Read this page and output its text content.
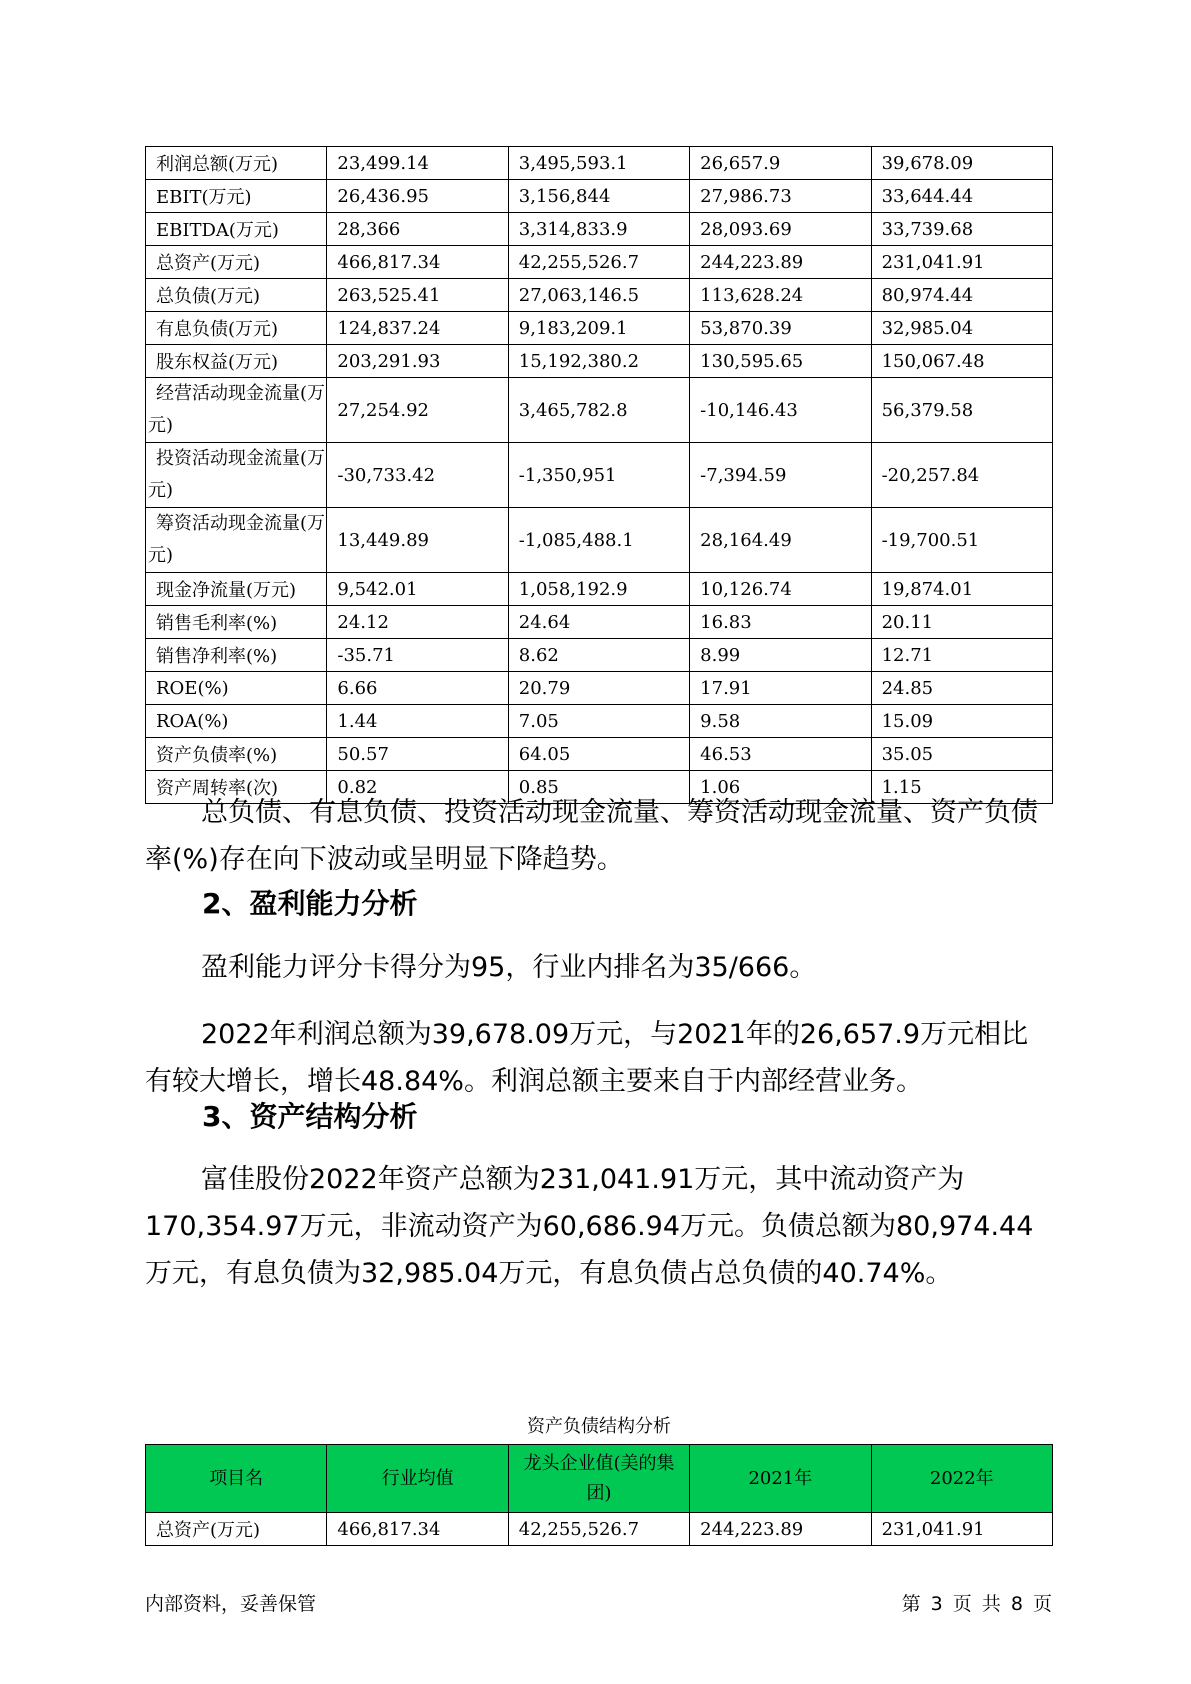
利润总额(万元)	23,499.14	3,495,593.1	26,657.9	39,678.09
EBIT(万元)	26,436.95	3,156,844	27,986.73	33,644.44
EBITDA(万元)	28,366	3,314,833.9	28,093.69	33,739.68
总资产(万元)	466,817.34	42,255,526.7	244,223.89	231,041.91
总负债(万元)	263,525.41	27,063,146.5	113,628.24	80,974.44
有息负债(万元)	124,837.24	9,183,209.1	53,870.39	32,985.04
股东权益(万元)	203,291.93	15,192,380.2	130,595.65	150,067.48
经营活动现金流量(万元)	27,254.92	3,465,782.8	-10,146.43	56,379.58
投资活动现金流量(万元)	-30,733.42	-1,350,951	-7,394.59	-20,257.84
筹资活动现金流量(万元)	13,449.89	-1,085,488.1	28,164.49	-19,700.51
现金净流量(万元)	9,542.01	1,058,192.9	10,126.74	19,874.01
销售毛利率(%)	24.12	24.64	16.83	20.11
销售净利率(%)	-35.71	8.62	8.99	12.71
ROE(%)	6.66	20.79	17.91	24.85
ROA(%)	1.44	7.05	9.58	15.09
资产负债率(%)	50.57	64.05	46.53	35.05
资产周转率(次)	0.82	0.85	1.06	1.15

总负债、有息负债、投资活动现金流量、筹资活动现金流量、资产负债率(%)存在向下波动或呈明显下降趋势。

2、盈利能力分析

盈利能力评分卡得分为95，行业内排名为35/666。

2022年利润总额为39,678.09万元，与2021年的26,657.9万元相比有较大增长，增长48.84%。利润总额主要来自于内部经营业务。

3、资产结构分析

富佳股份2022年资产总额为231,041.91万元，其中流动资产为170,354.97万元，非流动资产为60,686.94万元。负债总额为80,974.44万元，有息负债为32,985.04万元，有息负债占总负债的40.74%。

资产负债结构分析
项目名	行业均值	龙头企业值(美的集团)	2021年	2022年
总资产(万元)	466,817.34	42,255,526.7	244,223.89	231,041.91
内部资料，妥善保管	第 3 页 共 8 页
